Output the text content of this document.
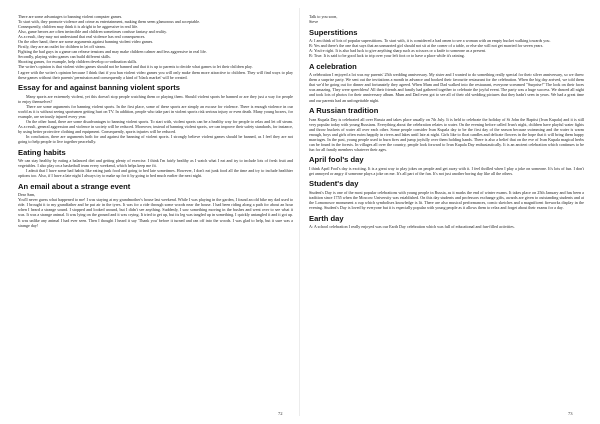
There are some advantages to banning violent computer games.

To start with, they promote violence and crime as entertainment, making them seem glamorous and acceptable.

Consequently, children may think it is alright to be aggressive in real life.

Also, game heroes are often invincible and children sometimes confuse fantasy and reality.

As a result, they may not understand that real violence has real consequences.

On the other hand, there are some arguments against banning violent video games.

Firstly, they are an outlet for children to let off steam.

Fighting the bad guys in a game can release tensions and may make children calmer and less aggressive in real life.

Secondly, playing video games can build different skills.

Shooting games, for example, help children develop co-ordination skills.

The writer's opinion is that violent video games should not be banned and that it is up to parents to decide what games to let their children play.

I agree with the writer's opinion because I think that if you ban violent video games you will only make them more attractive to children. They will find ways to play these games without their parents' permission and consequently a kind of 'black market' will be created.

Essay for and against banning violent sports

Many sports are extremely violent, yet this doesn't stop people watching them or playing them. Should violent sports be banned or are they just a way for people to enjoy themselves?

There are some arguments for banning violent sports. In the first place, some of these sports are simply an excuse for violence. There is enough violence in our world as it is without seeing sportsmen getting hurt on TV. In addition, people who take part in violent sports risk serious injury or even death. Many young boxers, for example, are seriously injured every year.

On the other hand, there are some disadvantages to banning violent sports. To start with, violent sports can be a healthy way for people to relax and let off steam. As a result, general aggression and violence in society will be reduced. Moreover, instead of banning violent sports, we can improve their safety standards, for instance, by using better protective clothing and equipment. Consequently, sports injuries will be reduced.

In conclusion, there are arguments both for and against the banning of violent sports. I strongly believe violent games should be banned, as I feel they are not going to help people to live together peacefully.

Eating habits

We can stay healthy by eating a balanced diet and getting plenty of exercise. I think I'm fairly healthy as I watch what I eat and try to include lots of fresh fruit and vegetables. I also play on a basketball team every weekend, which helps keep me fit.

I admit that I have some bad habits like eating junk food and going to bed late sometimes. However, I don't eat junk food all the time and try to include healthier options too. Also, if I have a late night I always try to make up for it by going to bed much earlier the next night.

An email about a strange event

Dear Sam,

You'll never guess what happened to me! I was staying at my grandmother's house last weekend. While I was playing in the garden, I found an old bike my dad used to ride. I brought it to my grandfather and he put air in the tyres. It was for a ride through some woods near the house. I had been riding along a path for about an hour when I heard a strange sound. I stopped and looked around, but I didn't see anything. Suddenly, I saw something moving in the bushes and went over to see what it was. It was a strange animal. It was lying on the ground and it was crying. It tried to get up, but its leg was tangled up in something. I quickly untangled it and it got up. It was unlike any animal I had ever seen. Then I thought I heard it say 'Thank you' before it turned and ran off into the woods. I was glad to help, but it sure was a strange day!

72

Talk to you soon,

Steve

Superstitions

A: I am think of lots of popular superstitions. To start with, it is considered a bad omen to see a woman with an empty bucket walking towards you.

B: Yes and there's the one that says that an unmarried girl should not sit at the corner of a table, or else she will not get married for seven years.

A: You're right. It is also bad luck to give anything sharp such as scissors or a knife to someone as a present.

B: True. It is said to be good luck to trip over your left foot or to have a place while it's raining.

A celebration

A celebration I enjoyed a lot was my parents' 25th wedding anniversary. My sister and I wanted to do something really special for their silver anniversary, so we threw them a surprise party. We sent out the invitations a month in advance and booked their favourite restaurant for the celebration. When the big day arrived, we told them that we'd be going out for dinner and fortunately they agreed. When Mum and Dad walked into the restaurant, everyone screamed "Surprise!" The look on their faces was amazing. They were speechless! All their friends and family had gathered together to celebrate the joyful event. The party was a huge success. We danced all night and took lots of photos for their anniversary album. Mum and Dad even got to see all of their old wedding pictures that they hadn't seen in years. We had a great time and our parents had an unforgettable night.

A Russian tradition

Ivan Kupala Day is celebrated all over Russia and takes place usually on 7th July. It is held to celebrate the holiday of St John the Baptist (Ivan Kupala) and it is still very popular today with young Russians. Everything about the celebration relates to water. On the evening before called Ivan's night, children have playful water fights and throw buckets of water all over each other. Some people consider Ivan Kupala day to be the first day of the season because swimming and the water is warm enough, boys and girls often swim happily in rivers and lakes until late at night. Girls like to float candles and delicate flowers in the hope that it will bring them happy marriages. In the past, young people used to burn fires and jump joyfully over them holding hands. There is also a belief that on the eve of Ivan Kupala magical herbs can be found in the forests. In villages all over the country, people look forward to Ivan Kupala Day enthusiastically. It is an ancient celebration which continues to be fun for all family members whatever their ages.

April fool's day

I think April Fool's day is exciting. It is a great way to play jokes on people and get away with it. I feel thrilled when I play a joke on someone. It's lots of fun. I don't get annoyed or angry if someone plays a joke on me. It's all part of the fun. It's not just another boring day like all the others.

Student's day

Student's Day is one of the most popular celebrations with young people in Russia, as it marks the end of winter exams. It takes place on 25th January and has been a tradition since 1755 when the Moscow University was established. On this day students and professors exchange gifts, awards are given to outstanding students and at the Lomonosov monument a cup which symbolises knowledge is lit. There are also musical performances, comic sketches and a magnificent fireworks display in the evening. Student's Day is loved by everyone but it is especially popular with young people as it allows them to relax and forget about their exams for a day.

Earth day

A: A school celebration I really enjoyed was our Earth Day celebration which was full of educational and fun-filled activities.

73
